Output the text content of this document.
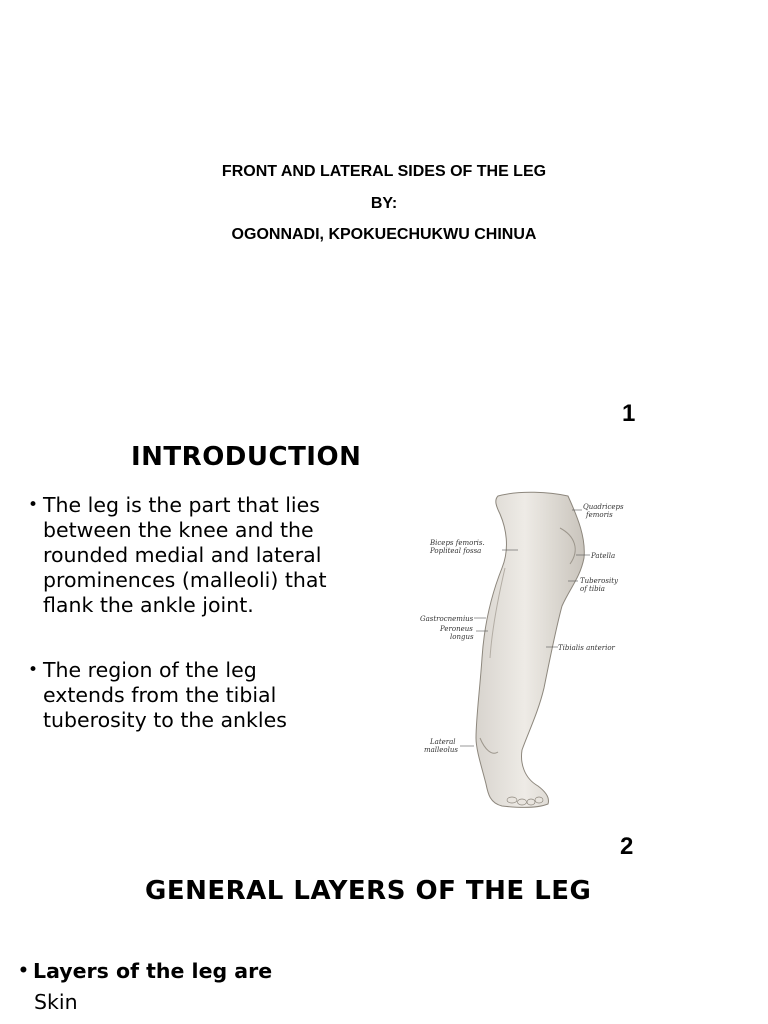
FRONT AND LATERAL SIDES OF THE LEG
BY:
OGONNADI, KPOKUECHUKWU CHINUA
1
INTRODUCTION
• The leg is the part that lies between the knee and the rounded medial and lateral prominences (malleoli) that flank the ankle joint.
• The region of the leg extends from the tibial tuberosity to the ankles
Quadriceps
femoris
Biceps femoris.
Popliteal fossa
Patella
Tuberosity
of tibia
Gastrocnemius
Peroneus
longus
Tibialis anterior
Lateral
malleolus
2
GENERAL LAYERS OF THE LEG
• Layers of the leg are
Skin
